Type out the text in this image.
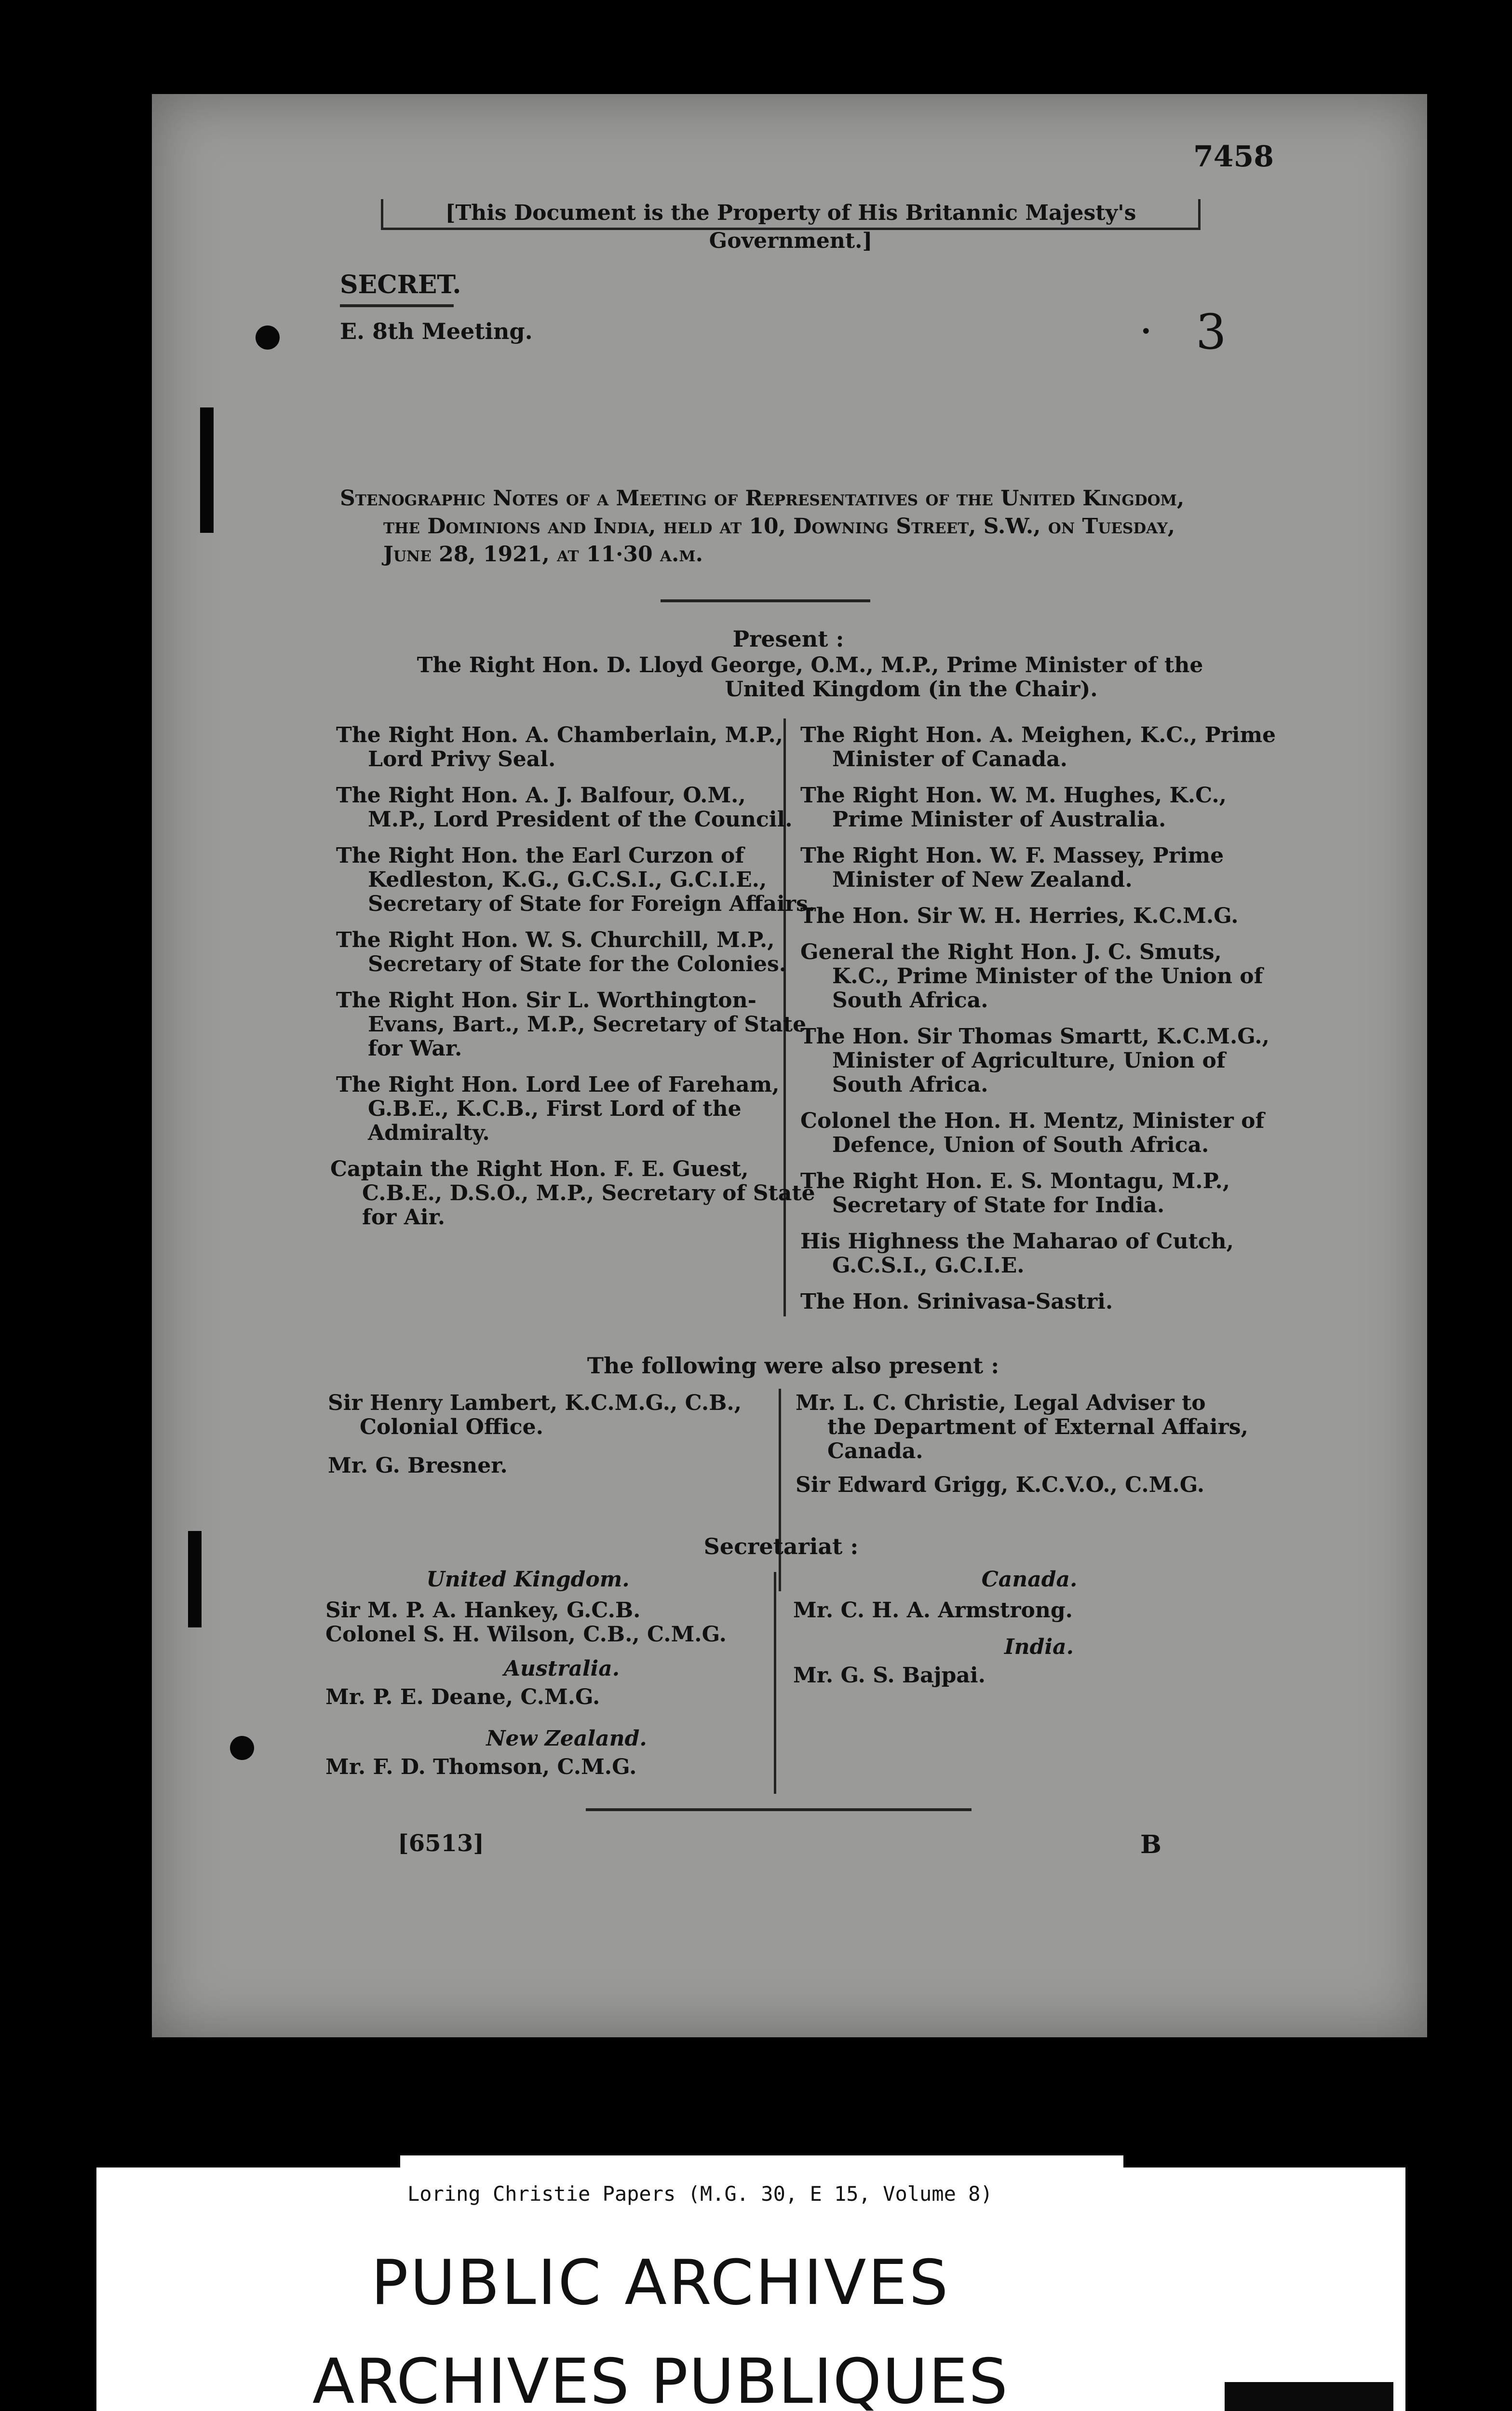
7458
[This Document is the Property of His Britannic Majesty's Government.]
SECRET.
E. 8th Meeting.	• 3
Stenographic Notes of a Meeting of Representatives of the United Kingdom,
the Dominions and India, held at 10, Downing Street, S.W., on Tuesday,
June 28, 1921, at 11·30 a.m.
Present :
The Right Hon. D. Lloyd George, O.M., M.P., Prime Minister of the
United Kingdom (in the Chair).
The Right Hon. A. Chamberlain, M.P.,
Lord Privy Seal.
The Right Hon. A. J. Balfour, O.M.,
M.P., Lord President of the Council.
The Right Hon. the Earl Curzon of
Kedleston, K.G., G.C.S.I., G.C.I.E.,
Secretary of State for Foreign Affairs.
The Right Hon. W. S. Churchill, M.P.,
Secretary of State for the Colonies.
The Right Hon. Sir L. Worthington-
Evans, Bart., M.P., Secretary of State
for War.
The Right Hon. Lord Lee of Fareham,
G.B.E., K.C.B., First Lord of the
Admiralty.
Captain the Right Hon. F. E. Guest,
C.B.E., D.S.O., M.P., Secretary of State
for Air.
The Right Hon. A. Meighen, K.C., Prime
Minister of Canada.
The Right Hon. W. M. Hughes, K.C.,
Prime Minister of Australia.
The Right Hon. W. F. Massey, Prime
Minister of New Zealand.
The Hon. Sir W. H. Herries, K.C.M.G.
General the Right Hon. J. C. Smuts,
K.C., Prime Minister of the Union of
South Africa.
The Hon. Sir Thomas Smartt, K.C.M.G.,
Minister of Agriculture, Union of
South Africa.
Colonel the Hon. H. Mentz, Minister of
Defence, Union of South Africa.
The Right Hon. E. S. Montagu, M.P.,
Secretary of State for India.
His Highness the Maharao of Cutch,
G.C.S.I., G.C.I.E.
The Hon. Srinivasa-Sastri.
The following were also present :
Sir Henry Lambert, K.C.M.G., C.B.,
Colonial Office.
Mr. G. Bresner.
Mr. L. C. Christie, Legal Adviser to
the Department of External Affairs,
Canada.
Sir Edward Grigg, K.C.V.O., C.M.G.
Secretariat :
United Kingdom.
Sir M. P. A. Hankey, G.C.B.
Colonel S. H. Wilson, C.B., C.M.G.
Australia.
Mr. P. E. Deane, C.M.G.
New Zealand.
Mr. F. D. Thomson, C.M.G.
Canada.
Mr. C. H. A. Armstrong.
India.
Mr. G. S. Bajpai.
[6513]	B
Loring Christie Papers (M.G. 30, E 15, Volume 8)
PUBLIC ARCHIVES
ARCHIVES PUBLIQUES
